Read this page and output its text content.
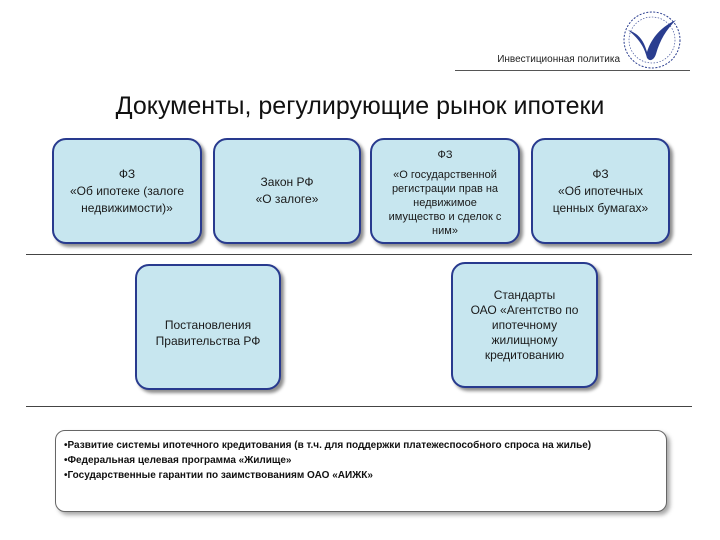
Инвестиционная политика
Документы, регулирующие рынок ипотеки
ФЗ
«Об ипотеке (залоге
недвижимости)»
Закон РФ
«О залоге»
ФЗ
«О государственной
регистрации прав на
недвижимое
имущество и сделок с
ним»
ФЗ
«Об ипотечных
ценных бумагах»
Постановления
Правительства РФ
Стандарты
ОАО «Агентство по
ипотечному
жилищному
кредитованию
•Развитие системы ипотечного кредитования (в т.ч. для поддержки платежеспособного спроса на жилье)
•Федеральная целевая программа «Жилище»
•Государственные гарантии по заимствованиям ОАО «АИЖК»
